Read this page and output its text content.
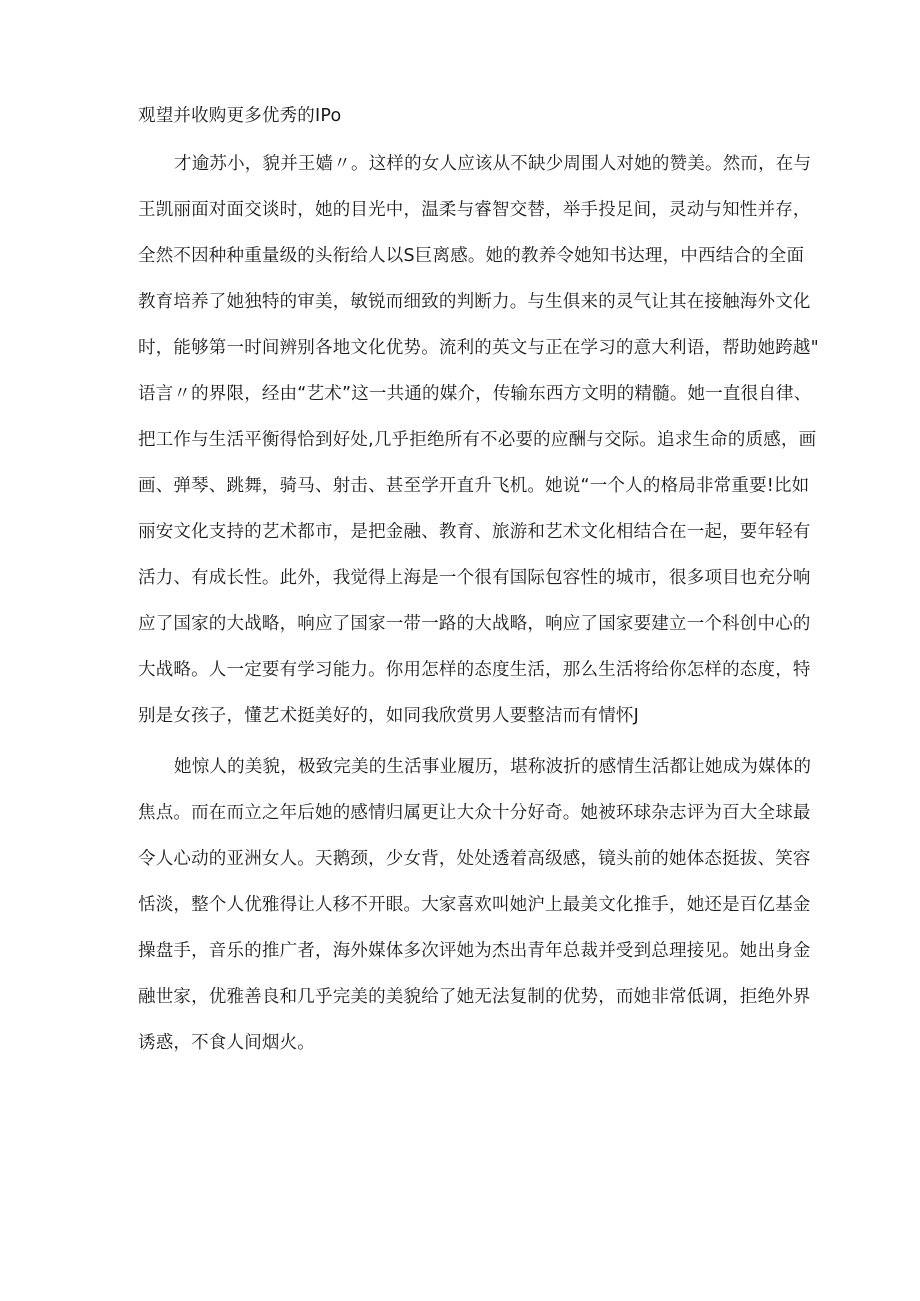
观望并收购更多优秀的IPo
才逾苏小，貌并王嫱〃。这样的女人应该从不缺少周围人对她的赞美。然而，在与
王凯丽面对面交谈时，她的目光中，温柔与睿智交替，举手投足间，灵动与知性并存，
全然不因种种重量级的头衔给人以S巨离感。她的教养令她知书达理，中西结合的全面
教育培养了她独特的审美，敏锐而细致的判断力。与生俱来的灵气让其在接触海外文化
时，能够第一时间辨别各地文化优势。流利的英文与正在学习的意大利语，帮助她跨越"
语言〃的界限，经由“艺术”这一共通的媒介，传输东西方文明的精髓。她一直很自律、
把工作与生活平衡得恰到好处,几乎拒绝所有不必要的应酬与交际。追求生命的质感，画
画、弹琴、跳舞，骑马、射击、甚至学开直升飞机。她说“一个人的格局非常重要!比如
丽安文化支持的艺术都市，是把金融、教育、旅游和艺术文化相结合在一起，要年轻有
活力、有成长性。此外，我觉得上海是一个很有国际包容性的城市，很多项目也充分响
应了国家的大战略，响应了国家一带一路的大战略，响应了国家要建立一个科创中心的
大战略。人一定要有学习能力。你用怎样的态度生活，那么生活将给你怎样的态度，特
别是女孩子，懂艺术挺美好的，如同我欣赏男人要整洁而有情怀J
她惊人的美貌，极致完美的生活事业履历，堪称波折的感情生活都让她成为媒体的
焦点。而在而立之年后她的感情归属更让大众十分好奇。她被环球杂志评为百大全球最
令人心动的亚洲女人。天鹅颈，少女背，处处透着高级感，镜头前的她体态挺拔、笑容
恬淡，整个人优雅得让人移不开眼。大家喜欢叫她沪上最美文化推手，她还是百亿基金
操盘手，音乐的推广者，海外媒体多次评她为杰出青年总裁并受到总理接见。她出身金
融世家，优雅善良和几乎完美的美貌给了她无法复制的优势，而她非常低调，拒绝外界
诱惑，不食人间烟火。
